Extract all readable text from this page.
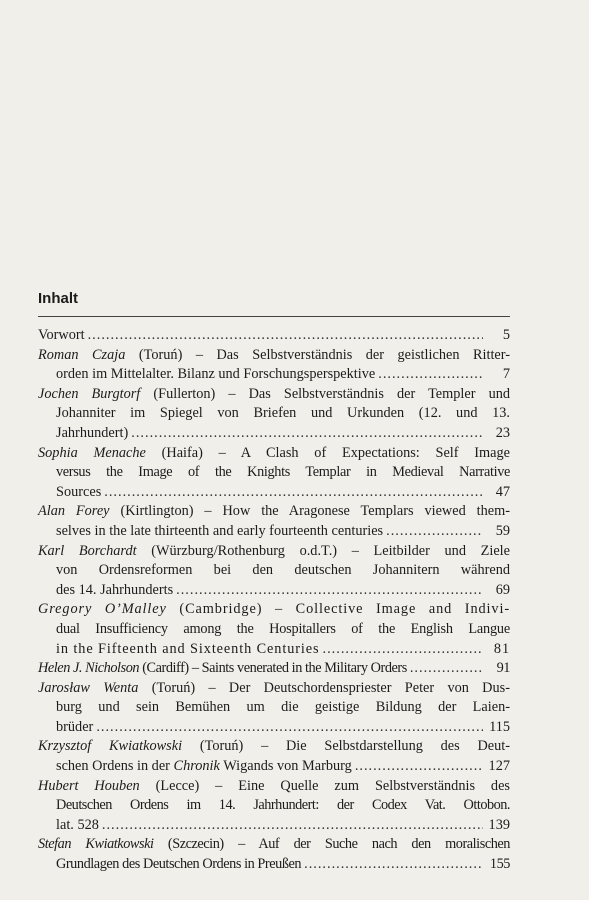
Inhalt
Vorwort .....	5
Roman Czaja (Toruń) – Das Selbstverständnis der geistlichen Ritter-
orden im Mittelalter. Bilanz und Forschungsperspektive .....	7
Jochen Burgtorf (Fullerton) – Das Selbstverständnis der Templer und
Johanniter im Spiegel von Briefen und Urkunden (12. und 13.
Jahrhundert) .....	23
Sophia Menache (Haifa) – A Clash of Expectations: Self Image
versus the Image of the Knights Templar in Medieval Narrative
Sources .....	47
Alan Forey (Kirtlington) – How the Aragonese Templars viewed them-
selves in the late thirteenth and early fourteenth centuries .....	59
Karl Borchardt (Würzburg/Rothenburg o.d.T.) – Leitbilder und Ziele
von Ordensreformen bei den deutschen Johannitern während
des 14. Jahrhunderts .....	69
Gregory O’Malley (Cambridge) – Collective Image and Indivi-
dual Insufficiency among the Hospitallers of the English Langue
in the Fifteenth and Sixteenth Centuries .....	81
Helen J. Nicholson (Cardiff) – Saints venerated in the Military Orders .....	91
Jarosław Wenta (Toruń) – Der Deutschordenspriester Peter von Dus-
burg und sein Bemühen um die geistige Bildung der Laien-
brüder .....	115
Krzysztof Kwiatkowski (Toruń) – Die Selbstdarstellung des Deut-
schen Ordens in der Chronik Wigands von Marburg .....	127
Hubert Houben (Lecce) – Eine Quelle zum Selbstverständnis des
Deutschen Ordens im 14. Jahrhundert: der Codex Vat. Ottobon.
lat. 528 .....	139
Stefan Kwiatkowski (Szczecin) – Auf der Suche nach den moralischen
Grundlagen des Deutschen Ordens in Preußen .....	155
